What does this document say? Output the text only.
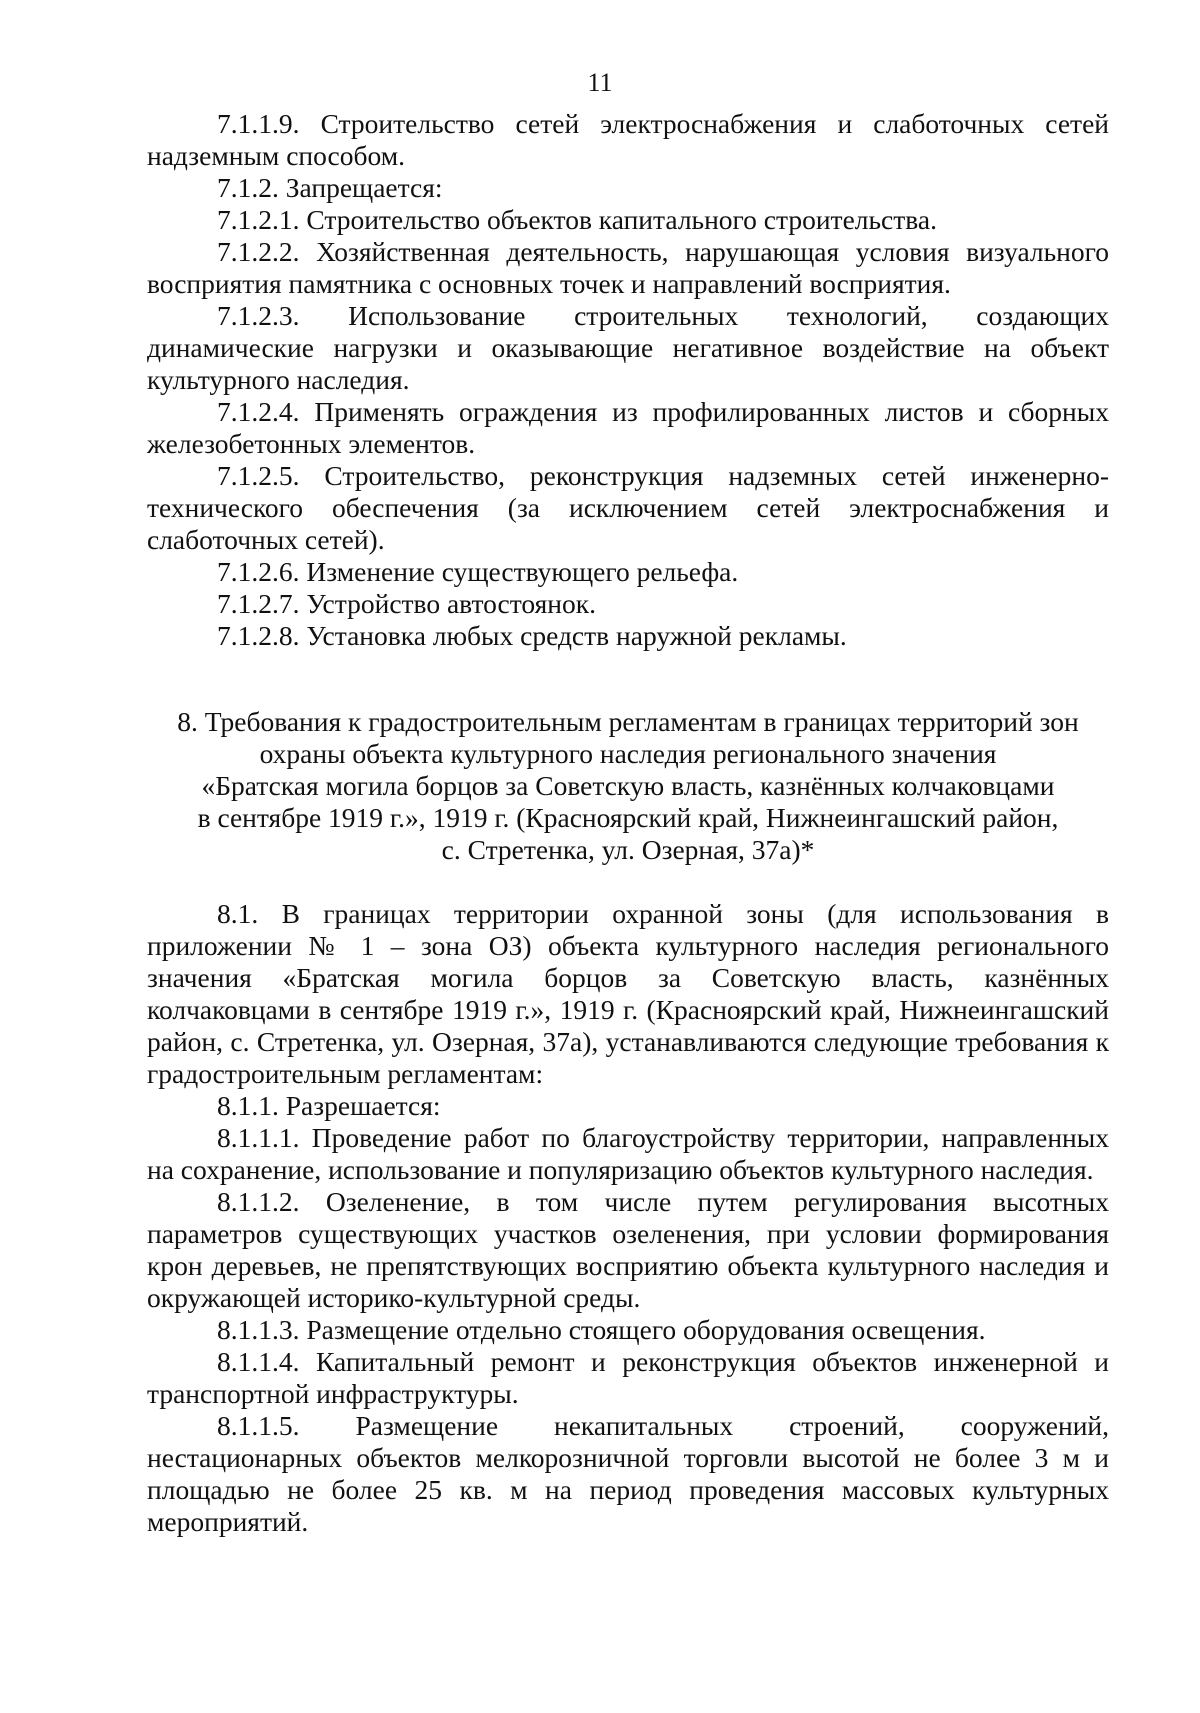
11

7.1.1.9. Строительство сетей электроснабжения и слаботочных сетей надземным способом.

7.1.2. Запрещается:

7.1.2.1. Строительство объектов капитального строительства.

7.1.2.2. Хозяйственная деятельность, нарушающая условия визуального восприятия памятника с основных точек и направлений восприятия.

7.1.2.3. Использование строительных технологий, создающих динамические нагрузки и оказывающие негативное воздействие на объект культурного наследия.

7.1.2.4. Применять ограждения из профилированных листов и сборных железобетонных элементов.

7.1.2.5. Строительство, реконструкция надземных сетей инженерно-технического обеспечения (за исключением сетей электроснабжения и слаботочных сетей).

7.1.2.6. Изменение существующего рельефа.

7.1.2.7. Устройство автостоянок.

7.1.2.8. Установка любых средств наружной рекламы.

8. Требования к градостроительным регламентам в границах территорий зон
охраны объекта культурного наследия регионального значения
«Братская могила борцов за Советскую власть, казнённых колчаковцами
в сентябре 1919 г.», 1919 г. (Красноярский край, Нижнеингашский район,
с. Стретенка, ул. Озерная, 37а)*

8.1. В границах территории охранной зоны (для использования в приложении № 1 – зона ОЗ) объекта культурного наследия регионального значения «Братская могила борцов за Советскую власть, казнённых колчаковцами в сентябре 1919 г.», 1919 г. (Красноярский край, Нижнеингашский район, с. Стретенка, ул. Озерная, 37а), устанавливаются следующие требования к градостроительным регламентам:

8.1.1. Разрешается:

8.1.1.1. Проведение работ по благоустройству территории, направленных на сохранение, использование и популяризацию объектов культурного наследия.

8.1.1.2. Озеленение, в том числе путем регулирования высотных параметров существующих участков озеленения, при условии формирования крон деревьев, не препятствующих восприятию объекта культурного наследия и окружающей историко-культурной среды.

8.1.1.3. Размещение отдельно стоящего оборудования освещения.

8.1.1.4. Капитальный ремонт и реконструкция объектов инженерной и транспортной инфраструктуры.

8.1.1.5. Размещение некапитальных строений, сооружений, нестационарных объектов мелкорозничной торговли высотой не более 3 м и площадью не более 25 кв. м на период проведения массовых культурных мероприятий.
